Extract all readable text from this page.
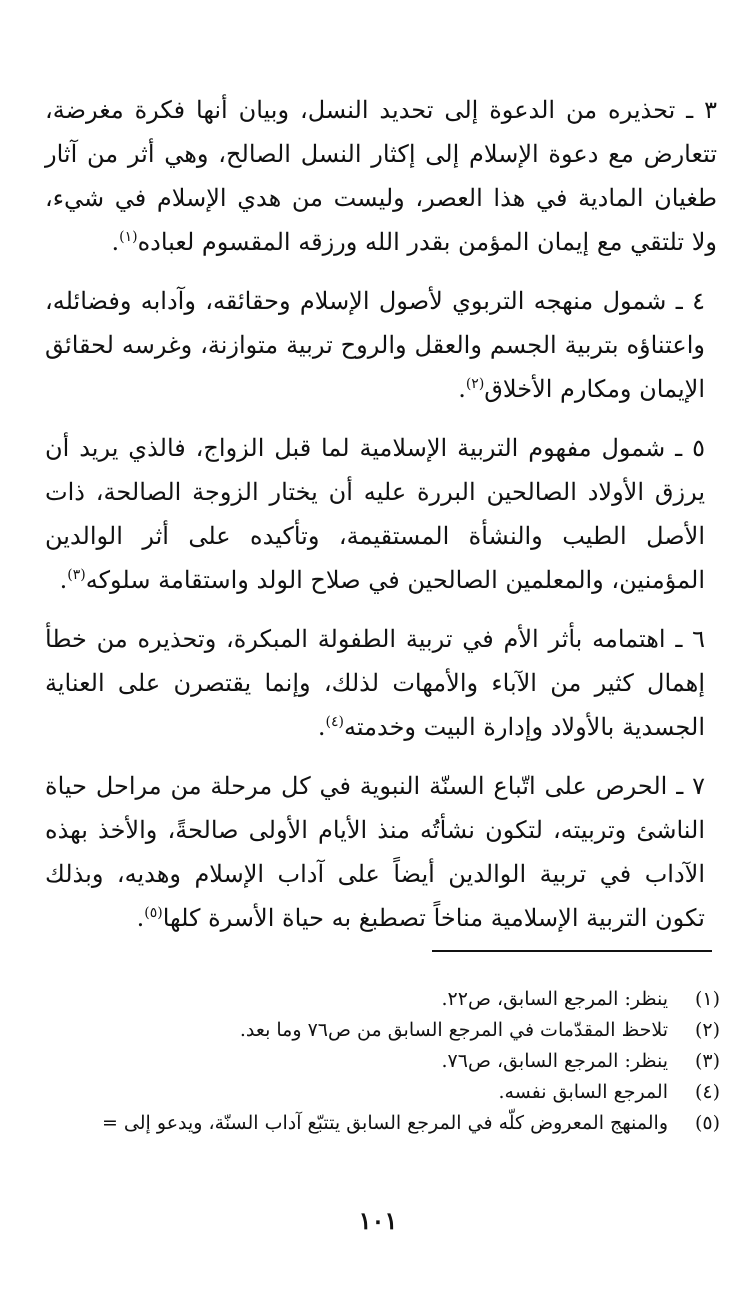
٣ ـ تحذيره من الدعوة إلى تحديد النسل، وبيان أنها فكرة مغرضة، تتعارض مع دعوة الإسلام إلى إكثار النسل الصالح، وهي أثر من آثار طغيان المادية في هذا العصر، وليست من هدي الإسلام في شيء، ولا تلتقي مع إيمان المؤمن بقدر الله ورزقه المقسوم لعباده$^{(١)}$.

٤ ـ شمول منهجه التربوي لأصول الإسلام وحقائقه، وآدابه وفضائله، واعتناؤه بتربية الجسم والعقل والروح تربية متوازنة، وغرسه لحقائق الإيمان ومكارم الأخلاق$^{(٢)}$.

٥ ـ شمول مفهوم التربية الإسلامية لما قبل الزواج، فالذي يريد أن يرزق الأولاد الصالحين البررة عليه أن يختار الزوجة الصالحة، ذات الأصل الطيب والنشأة المستقيمة، وتأكيده على أثر الوالدين المؤمنين، والمعلمين الصالحين في صلاح الولد واستقامة سلوكه$^{(٣)}$.

٦ ـ اهتمامه بأثر الأم في تربية الطفولة المبكرة، وتحذيره من خطأ إهمال كثير من الآباء والأمهات لذلك، وإنما يقتصرن على العناية الجسدية بالأولاد وإدارة البيت وخدمته$^{(٤)}$.

٧ ـ الحرص على اتّباع السنّة النبوية في كل مرحلة من مراحل حياة الناشئ وتربيته، لتكون نشأتُه منذ الأيام الأولى صالحةً، والأخذ بهذه الآداب في تربية الوالدين أيضاً على آداب الإسلام وهديه، وبذلك تكون التربية الإسلامية مناخاً تصطبغ به حياة الأسرة كلها$^{(٥)}$.

(١)
ينظر: المرجع السابق، ص٢٢.
(٢)
تلاحظ المقدّمات في المرجع السابق من ص٧٦ وما بعد.
(٣)
ينظر: المرجع السابق، ص٧٦.
(٤)
المرجع السابق نفسه.
(٥)
والمنهج المعروض كلّه في المرجع السابق يتتبّع آداب السنّة، ويدعو إلى =
١٠١
